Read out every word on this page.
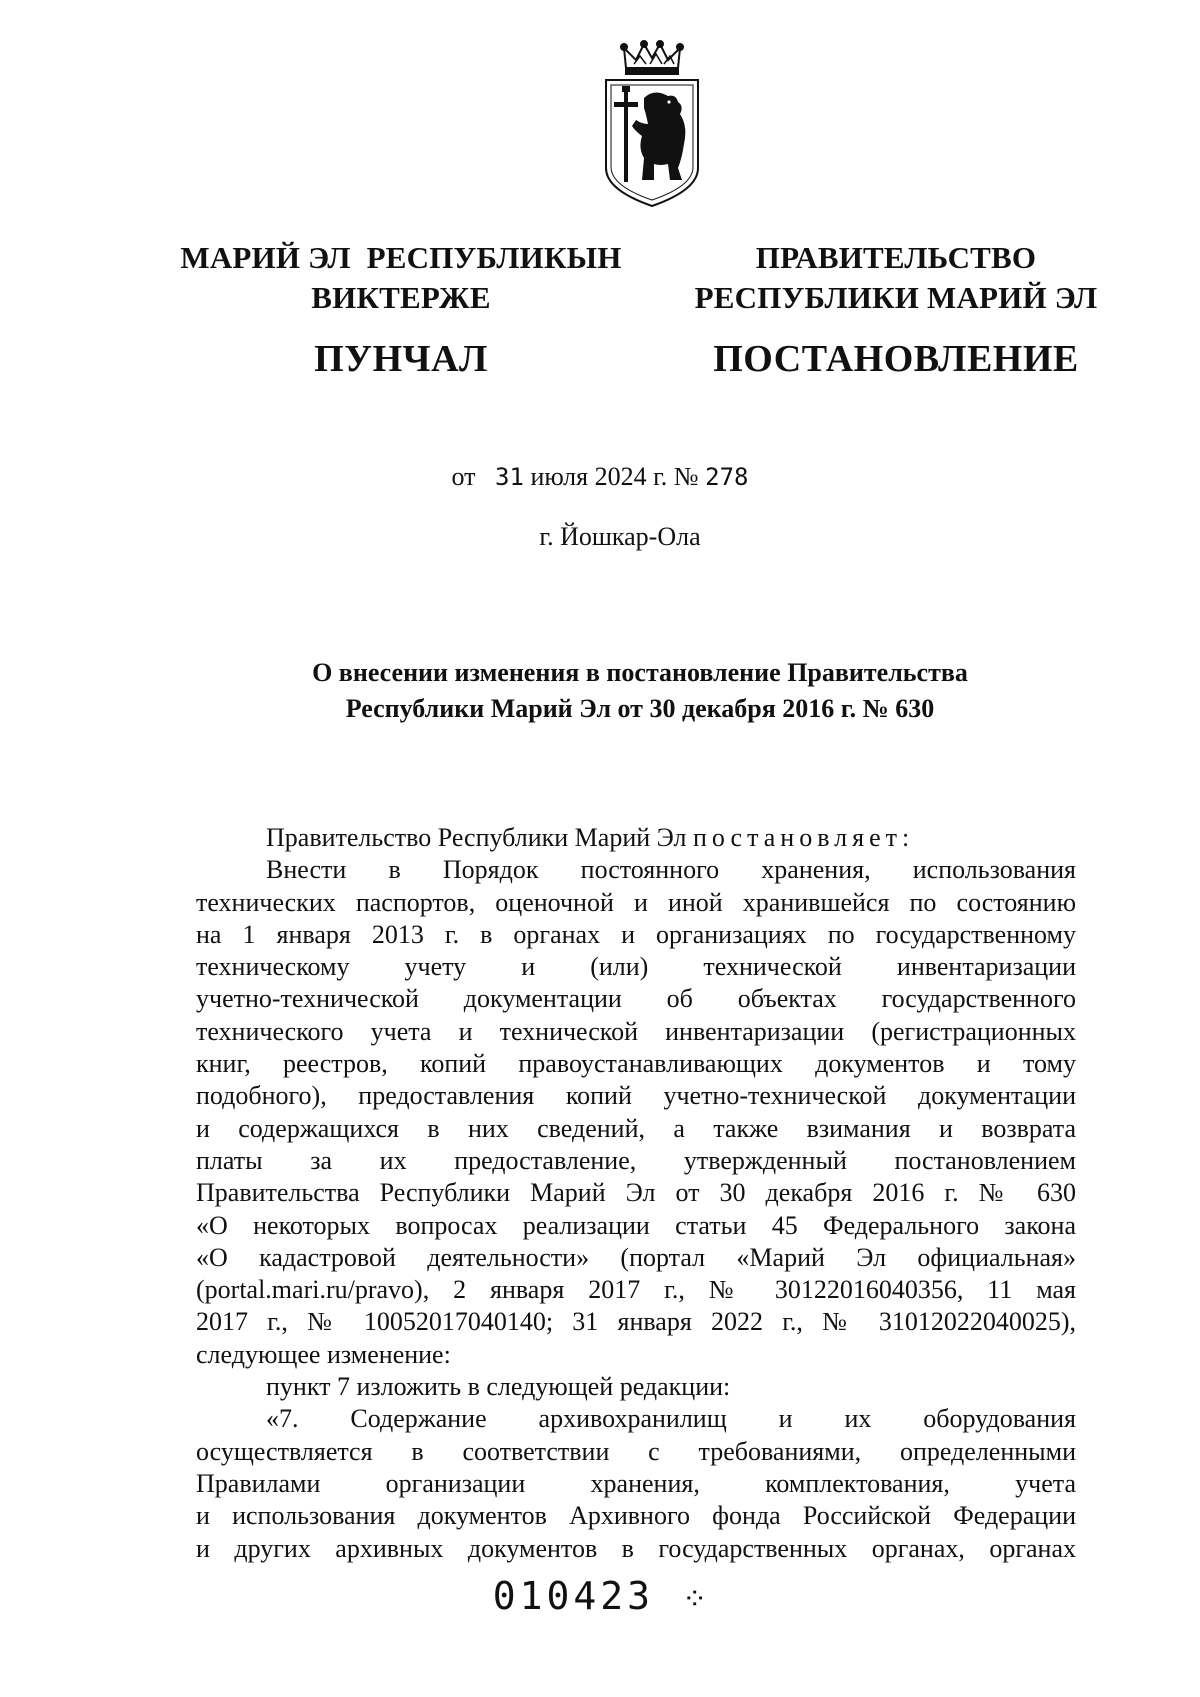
МАРИЙ ЭЛ  РЕСПУБЛИКЫН
ВИКТЕРЖЕ
ПУНЧАЛ
ПРАВИТЕЛЬСТВО
РЕСПУБЛИКИ МАРИЙ ЭЛ
ПОСТАНОВЛЕНИЕ
от 31 июля 2024 г. № 278
г. Йошкар-Ола
О внесении изменения в постановление Правительства
Республики Марий Эл от 30 декабря 2016 г. № 630

Правительство Республики Марий Эл постановляет:

Внести в Порядок постоянного хранения, использования

технических паспортов, оценочной и иной хранившейся по состоянию

на 1 января 2013 г. в органах и организациях по государственному

техническому учету и (или) технической инвентаризации

учетно-технической документации об объектах государственного

технического учета и технической инвентаризации (регистрационных

книг, реестров, копий правоустанавливающих документов и тому

подобного), предоставления копий учетно-технической документации

и содержащихся в них сведений, а также взимания и возврата

платы за их предоставление, утвержденный постановлением

Правительства Республики Марий Эл от 30 декабря 2016 г. № 630

«О некоторых вопросах реализации статьи 45 Федерального закона

«О кадастровой деятельности» (портал «Марий Эл официальная»

(portal.mari.ru/pravo), 2 января 2017 г., № 30122016040356, 11 мая

2017 г., № 10052017040140; 31 января 2022 г., № 31012022040025),

следующее изменение:

пункт 7 изложить в следующей редакции:

«7. Содержание архивохранилищ и их оборудования

осуществляется в соответствии с требованиями, определенными

Правилами организации хранения, комплектования, учета

и использования документов Архивного фонда Российской Федерации

и других архивных документов в государственных органах, органах

010423 ⁘
